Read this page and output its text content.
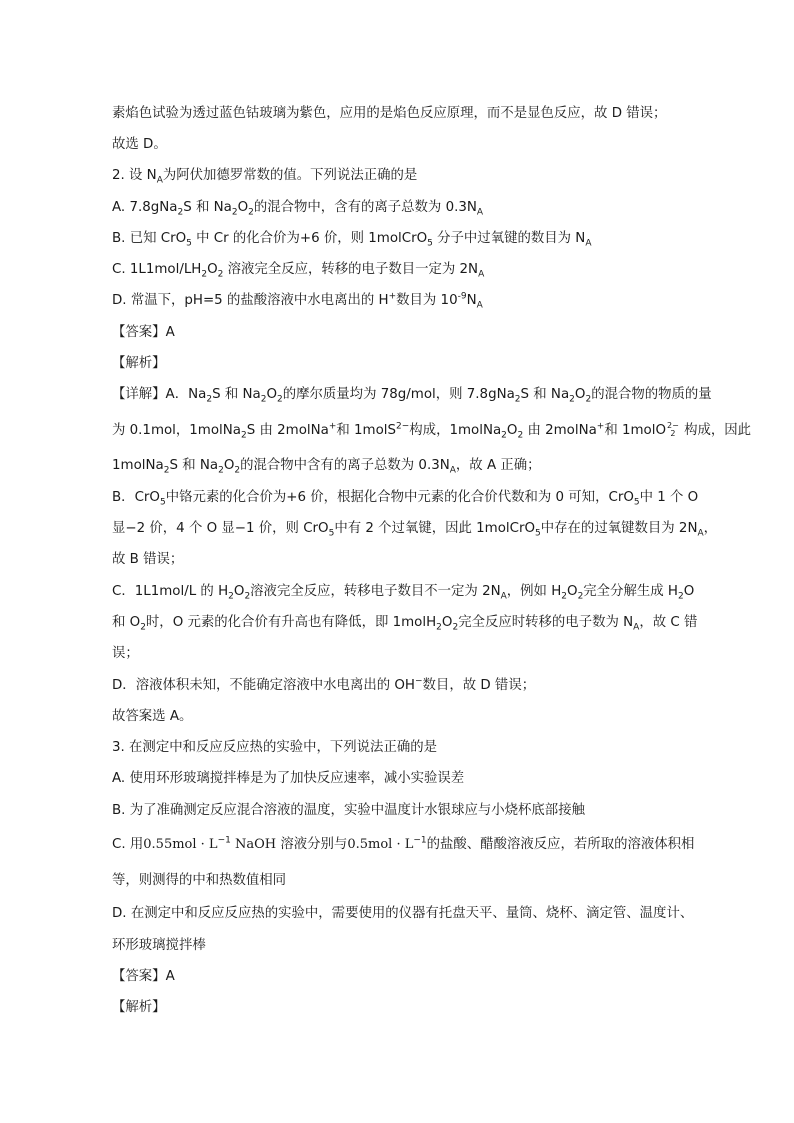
素焰色试验为透过蓝色钴玻璃为紫色，应用的是焰色反应原理，而不是显色反应，故 D 错误；
故选 D。
2. 设 $N_A$为阿伏加德罗常数的值。下列说法正确的是
A. 7.8gNa$_2$S 和 $Na_2O_2$的混合物中，含有的离子总数为 $0.3N_A$
B. 已知 CrO$_5$ 中 Cr 的化合价为+6 价，则 1molCrO$_5$ 分子中过氧键的数目为 $N_A$
C. $1L1mol/LH_2O_2$ 溶液完全反应，转移的电子数目一定为 $2N_A$
D. 常温下，pH=5 的盐酸溶液中水电离出的 H+数目为 $10^{-9}N_A$
【答案】A
【解析】
【详解】A．$Na_2S$ 和 $Na_2O_2$的摩尔质量均为 78g/mol，则 7.8gNa$_2$S 和 $Na_2O_2$的混合物的物质的量
为 0.1mol，1molNa$_2$S 由 2molNa+和 1molS$^{2-}$构成，$1molNa_2O_2$ 由 2molNa+和 1molO 2−
2 构成，因此
1molNa$_2$S 和 $Na_2O_2$的混合物中含有的离子总数为 $0.3N_A$，故 A 正确；
B．CrO$_5$中铬元素的化合价为+6 价，根据化合物中元素的化合价代数和为 0 可知，CrO$_5$中 1 个 O
显−2 价，4 个 O 显−1 价，则 CrO$_5$中有 2 个过氧键，因此 1molCrO$_5$中存在的过氧键数目为 $2N_A$，
故 B 错误；
C．1L1mol/L 的 $H_2O_2$溶液完全反应，转移电子数目不一定为 $2N_A$，例如 $H_2O_2$完全分解生成 $H_2O$
和 $O_2$时，O 元素的化合价有升高也有降低，即 $1molH_2O_2$完全反应时转移的电子数为 $N_A$，故 C 错
误；
D．溶液体积未知，不能确定溶液中水电离出的 OH−数目，故 D 错误；
故答案选 A。
3. 在测定中和反应反应热的实验中，下列说法正确的是
A. 使用环形玻璃搅拌棒是为了加快反应速率，减小实验误差
B. 为了准确测定反应混合溶液的温度，实验中温度计水银球应与小烧杯底部接触
C. 用$0.55mol \cdot L^{-1}$ NaOH 溶液分别与$0.5mol \cdot L^{-1}$的盐酸、醋酸溶液反应，若所取的溶液体积相
等，则测得的中和热数值相同
D. 在测定中和反应反应热的实验中，需要使用的仪器有托盘天平、量筒、烧杯、滴定管、温度计、
环形玻璃搅拌棒
【答案】A
【解析】
